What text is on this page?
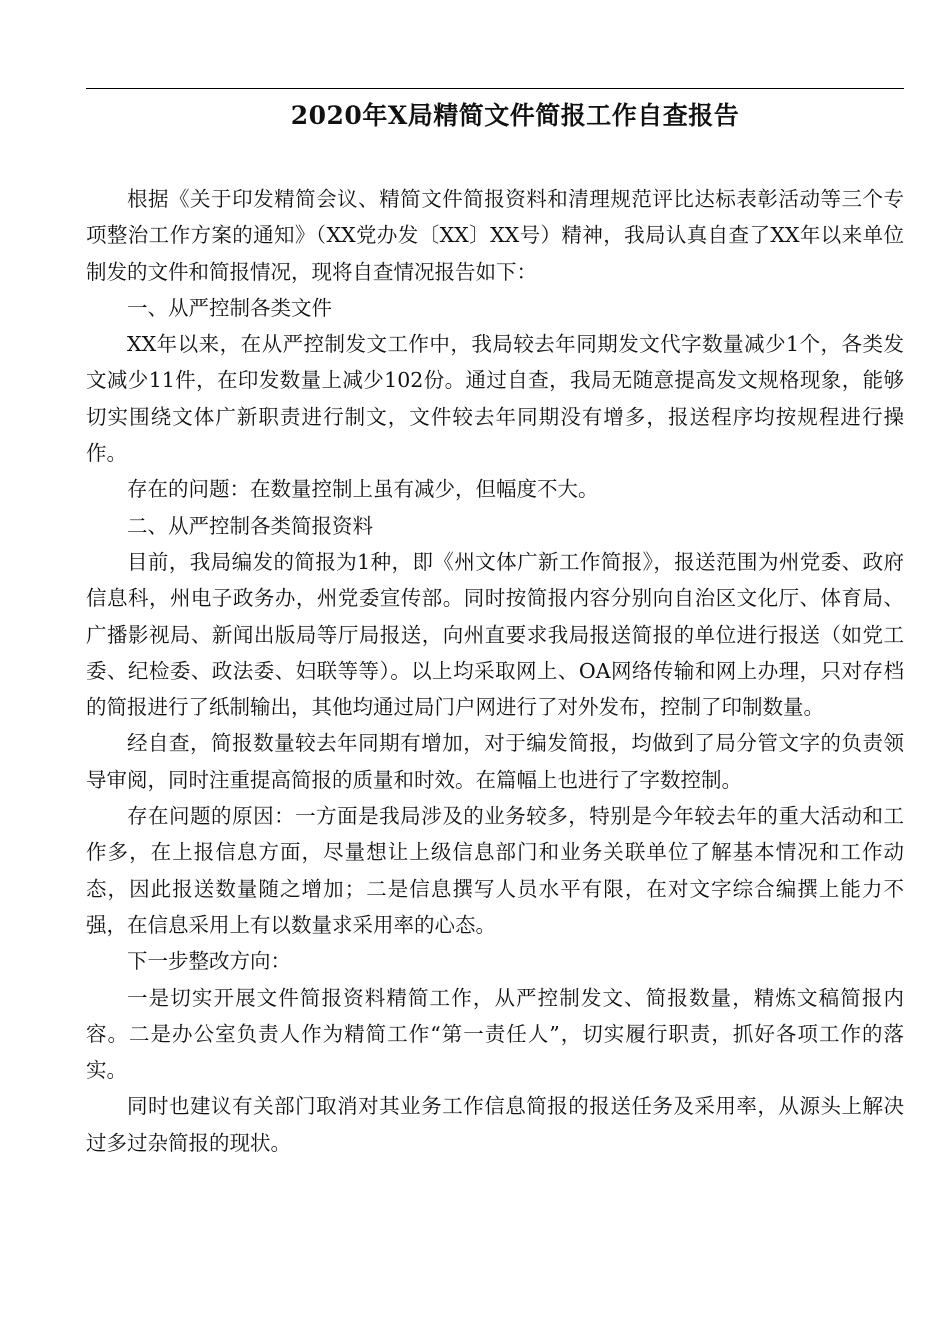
2020年X局精简文件简报工作自查报告

根据《关于印发精简会议、精简文件简报资料和清理规范评比达标表彰活动等三个专项整治工作方案的通知》（XX党办发〔XX〕XX号）精神，我局认真自查了XX年以来单位制发的文件和简报情况，现将自查情况报告如下：

一、从严控制各类文件

XX年以来，在从严控制发文工作中，我局较去年同期发文代字数量减少1个，各类发文减少11件，在印发数量上减少102份。通过自查，我局无随意提高发文规格现象，能够切实围绕文体广新职责进行制文，文件较去年同期没有增多，报送程序均按规程进行操作。

存在的问题：在数量控制上虽有减少，但幅度不大。

二、从严控制各类简报资料

目前，我局编发的简报为1种，即《州文体广新工作简报》，报送范围为州党委、政府信息科，州电子政务办，州党委宣传部。同时按简报内容分别向自治区文化厅、体育局、广播影视局、新闻出版局等厅局报送，向州直要求我局报送简报的单位进行报送（如党工委、纪检委、政法委、妇联等等）。以上均采取网上、OA网络传输和网上办理，只对存档的简报进行了纸制输出，其他均通过局门户网进行了对外发布，控制了印制数量。

经自查，简报数量较去年同期有增加，对于编发简报，均做到了局分管文字的负责领导审阅，同时注重提高简报的质量和时效。在篇幅上也进行了字数控制。

存在问题的原因：一方面是我局涉及的业务较多，特别是今年较去年的重大活动和工作多，在上报信息方面，尽量想让上级信息部门和业务关联单位了解基本情况和工作动态，因此报送数量随之增加；二是信息撰写人员水平有限，在对文字综合编撰上能力不强，在信息采用上有以数量求采用率的心态。

下一步整改方向：

一是切实开展文件简报资料精简工作，从严控制发文、简报数量，精炼文稿简报内容。二是办公室负责人作为精简工作“第一责任人”，切实履行职责，抓好各项工作的落实。

同时也建议有关部门取消对其业务工作信息简报的报送任务及采用率，从源头上解决过多过杂简报的现状。
